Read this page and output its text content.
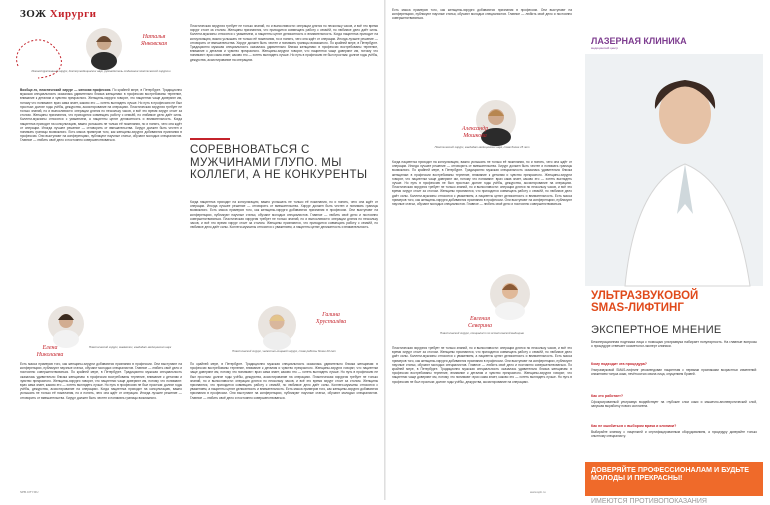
ЗОЖ Хирурги
Наталья
Янковская
Реконструктивный хирург, доктор медицинских наук, руководитель отделения пластической хирургии
Вообще-то, пластический хирург — женская профессия. По крайней мере, в Петербурге. Традиционно мужская специальность оказалась удивительно близка женщинам: в профессии востребованы терпение, внимание к деталям и чувство прекрасного. Женщины-хирурги говорят, что пациентки чаще доверяют им, потому что понимают: врач сама знает, каково это — хотеть выглядеть лучше. Но путь в профессию не был простым: долгие годы учёбы, дежурства, ассистирование на операциях. Пластическая хирургия требует не только знаний, но и выносливости: операции длятся по нескольку часов, и всё это время хирург стоит за столом. Женщины признаются, что приходится совмещать работу с семьёй, но любимое дело даёт силы. Коллеги-мужчины относятся с уважением, а пациенты ценят деликатность и внимательность. Когда пациентка приходит на консультацию, важно услышать не только её пожелания, но и понять, чего она ждёт от операции. Иногда лучшее решение — отговорить от вмешательства. Хирург должен быть честен и понимать границы возможного. Есть масса примеров того, как женщины-хирурги добиваются признания в профессии. Они выступают на конференциях, публикуют научные статьи, обучают молодых специалистов. Главное — любить своё дело и постоянно совершенствоваться.
Елена
Николаева
Пластический хирург, маммолог, кандидат медицинских наук
Есть масса примеров того, как женщины-хирурги добиваются признания в профессии. Они выступают на конференциях, публикуют научные статьи, обучают молодых специалистов. Главное — любить своё дело и постоянно совершенствоваться. По крайней мере, в Петербурге. Традиционно мужская специальность оказалась удивительно близка женщинам: в профессии востребованы терпение, внимание к деталям и чувство прекрасного. Женщины-хирурги говорят, что пациентки чаще доверяют им, потому что понимают: врач сама знает, каково это — хотеть выглядеть лучше. Но путь в профессию не был простым: долгие годы учёбы, дежурства, ассистирование на операциях. Когда пациентка приходит на консультацию, важно услышать не только её пожелания, но и понять, чего она ждёт от операции. Иногда лучшее решение — отговорить от вмешательства. Хирург должен быть честен и понимать границы возможного.
Пластическая хирургия требует не только знаний, но и выносливости: операции длятся по нескольку часов, и всё это время хирург стоит за столом. Женщины признаются, что приходится совмещать работу с семьёй, но любимое дело даёт силы. Коллеги-мужчины относятся с уважением, а пациенты ценят деликатность и внимательность. Когда пациентка приходит на консультацию, важно услышать не только её пожелания, но и понять, чего она ждёт от операции. Иногда лучшее решение — отговорить от вмешательства. Хирург должен быть честен и понимать границы возможного. По крайней мере, в Петербурге. Традиционно мужская специальность оказалась удивительно близка женщинам: в профессии востребованы терпение, внимание к деталям и чувство прекрасного. Женщины-хирурги говорят, что пациентки чаще доверяют им, потому что понимают: врач сама знает, каково это — хотеть выглядеть лучше. Но путь в профессию не был простым: долгие годы учёбы, дежурства, ассистирование на операциях.
СОРЕВНОВАТЬСЯ С МУЖЧИНАМИ ГЛУПО. МЫ КОЛЛЕГИ, А НЕ КОНКУРЕНТЫ
Когда пациентка приходит на консультацию, важно услышать не только её пожелания, но и понять, чего она ждёт от операции. Иногда лучшее решение — отговорить от вмешательства. Хирург должен быть честен и понимать границы возможного. Есть масса примеров того, как женщины-хирурги добиваются признания в профессии. Они выступают на конференциях, публикуют научные статьи, обучают молодых специалистов. Главное — любить своё дело и постоянно совершенствоваться. Пластическая хирургия требует не только знаний, но и выносливости: операции длятся по нескольку часов, и всё это время хирург стоит за столом. Женщины признаются, что приходится совмещать работу с семьёй, но любимое дело даёт силы. Коллеги-мужчины относятся с уважением, а пациенты ценят деликатность и внимательность.
Галина
Хрусталёва
Пластический хирург, челюстно-лицевой хирург, стаж работы более 20 лет
По крайней мере, в Петербурге. Традиционно мужская специальность оказалась удивительно близка женщинам: в профессии востребованы терпение, внимание к деталям и чувство прекрасного. Женщины-хирурги говорят, что пациентки чаще доверяют им, потому что понимают: врач сама знает, каково это — хотеть выглядеть лучше. Но путь в профессию не был простым: долгие годы учёбы, дежурства, ассистирование на операциях. Пластическая хирургия требует не только знаний, но и выносливости: операции длятся по нескольку часов, и всё это время хирург стоит за столом. Женщины признаются, что приходится совмещать работу с семьёй, но любимое дело даёт силы. Коллеги-мужчины относятся с уважением, а пациенты ценят деликатность и внимательность. Есть масса примеров того, как женщины-хирурги добиваются признания в профессии. Они выступают на конференциях, публикуют научные статьи, обучают молодых специалистов. Главное — любить своё дело и постоянно совершенствоваться.
SPB.CITY.RU
Есть масса примеров того, как женщины-хирурги добиваются признания в профессии. Они выступают на конференциях, публикуют научные статьи, обучают молодых специалистов. Главное — любить своё дело и постоянно совершенствоваться.
Александр
Мошкова
Пластический хирург, кандидат медицинских наук, стаж более 15 лет
Когда пациентка приходит на консультацию, важно услышать не только её пожелания, но и понять, чего она ждёт от операции. Иногда лучшее решение — отговорить от вмешательства. Хирург должен быть честен и понимать границы возможного. По крайней мере, в Петербурге. Традиционно мужская специальность оказалась удивительно близка женщинам: в профессии востребованы терпение, внимание к деталям и чувство прекрасного. Женщины-хирурги говорят, что пациентки чаще доверяют им, потому что понимают: врач сама знает, каково это — хотеть выглядеть лучше. Но путь в профессию не был простым: долгие годы учёбы, дежурства, ассистирование на операциях. Пластическая хирургия требует не только знаний, но и выносливости: операции длятся по нескольку часов, и всё это время хирург стоит за столом. Женщины признаются, что приходится совмещать работу с семьёй, но любимое дело даёт силы. Коллеги-мужчины относятся с уважением, а пациенты ценят деликатность и внимательность. Есть масса примеров того, как женщины-хирурги добиваются признания в профессии. Они выступают на конференциях, публикуют научные статьи, обучают молодых специалистов. Главное — любить своё дело и постоянно совершенствоваться.
Евгения
Северина
Пластический хирург, специалист по эстетической медицине
Пластическая хирургия требует не только знаний, но и выносливости: операции длятся по нескольку часов, и всё это время хирург стоит за столом. Женщины признаются, что приходится совмещать работу с семьёй, но любимое дело даёт силы. Коллеги-мужчины относятся с уважением, а пациенты ценят деликатность и внимательность. Есть масса примеров того, как женщины-хирурги добиваются признания в профессии. Они выступают на конференциях, публикуют научные статьи, обучают молодых специалистов. Главное — любить своё дело и постоянно совершенствоваться. По крайней мере, в Петербурге. Традиционно мужская специальность оказалась удивительно близка женщинам: в профессии востребованы терпение, внимание к деталям и чувство прекрасного. Женщины-хирурги говорят, что пациентки чаще доверяют им, потому что понимают: врач сама знает, каково это — хотеть выглядеть лучше. Но путь в профессию не был простым: долгие годы учёбы, дежурства, ассистирование на операциях.
www.spb.ru
ЛАЗЕРНАЯ КЛИНИКА
медицинский центр
УЛЬТРАЗВУКОВОЙ
SMAS-ЛИФТИНГ
ЭКСПЕРТНОЕ МНЕНИЕ
Безоперационная подтяжка лица с помощью ультразвука набирает популярность. На главные вопросы о процедуре отвечает косметолог-эксперт клиники.
Кому подходит эта процедура?
Ультразвуковой SMAS-лифтинг рекомендован пациентам с первыми признаками возрастных изменений: снижением тонуса кожи, нечёткостью овала лица, опущением бровей.
Как это работает?
Сфокусированный ультразвук воздействует на глубокие слои кожи и мышечно-апоневротический слой, запуская выработку нового коллагена.
Как не ошибиться с выбором врача и клиники?
Выбирайте клинику с лицензией и сертифицированным оборудованием, а процедуру доверяйте только опытному специалисту.
ДОВЕРЯЙТЕ ПРОФЕССИОНАЛАМ И БУДЬТЕ МОЛОДЫ И ПРЕКРАСНЫ!
ИМЕЮТСЯ ПРОТИВОПОКАЗАНИЯ
